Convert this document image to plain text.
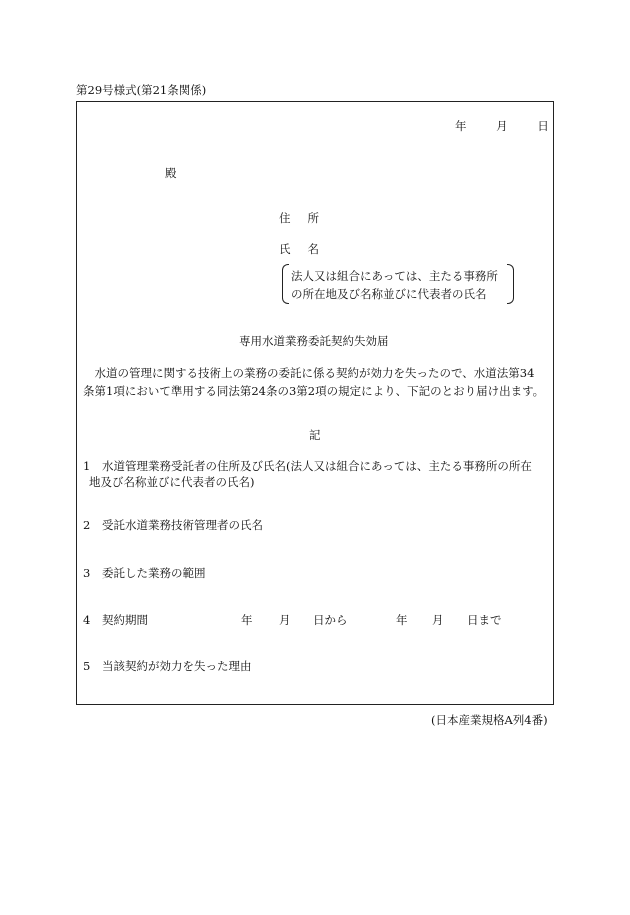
第29号様式(第21条関係)
年	月	日
殿
住 所
氏 名
法人又は組合にあっては、主たる事務所
の所在地及び名称並びに代表者の氏名
専用水道業務委託契約失効届
　水道の管理に関する技術上の業務の委託に係る契約が効力を失ったので、水道法第34
条第1項において準用する同法第24条の3第2項の規定により、下記のとおり届け出ます。
記
1 水道管理業務受託者の住所及び氏名(法人又は組合にあっては、主たる事務所の所在
地及び名称並びに代表者の氏名)
2 受託水道業務技術管理者の氏名
3 委託した業務の範囲
4 契約期間	年 月 日から	年 月 日まで
5 当該契約が効力を失った理由
(日本産業規格A列4番)
